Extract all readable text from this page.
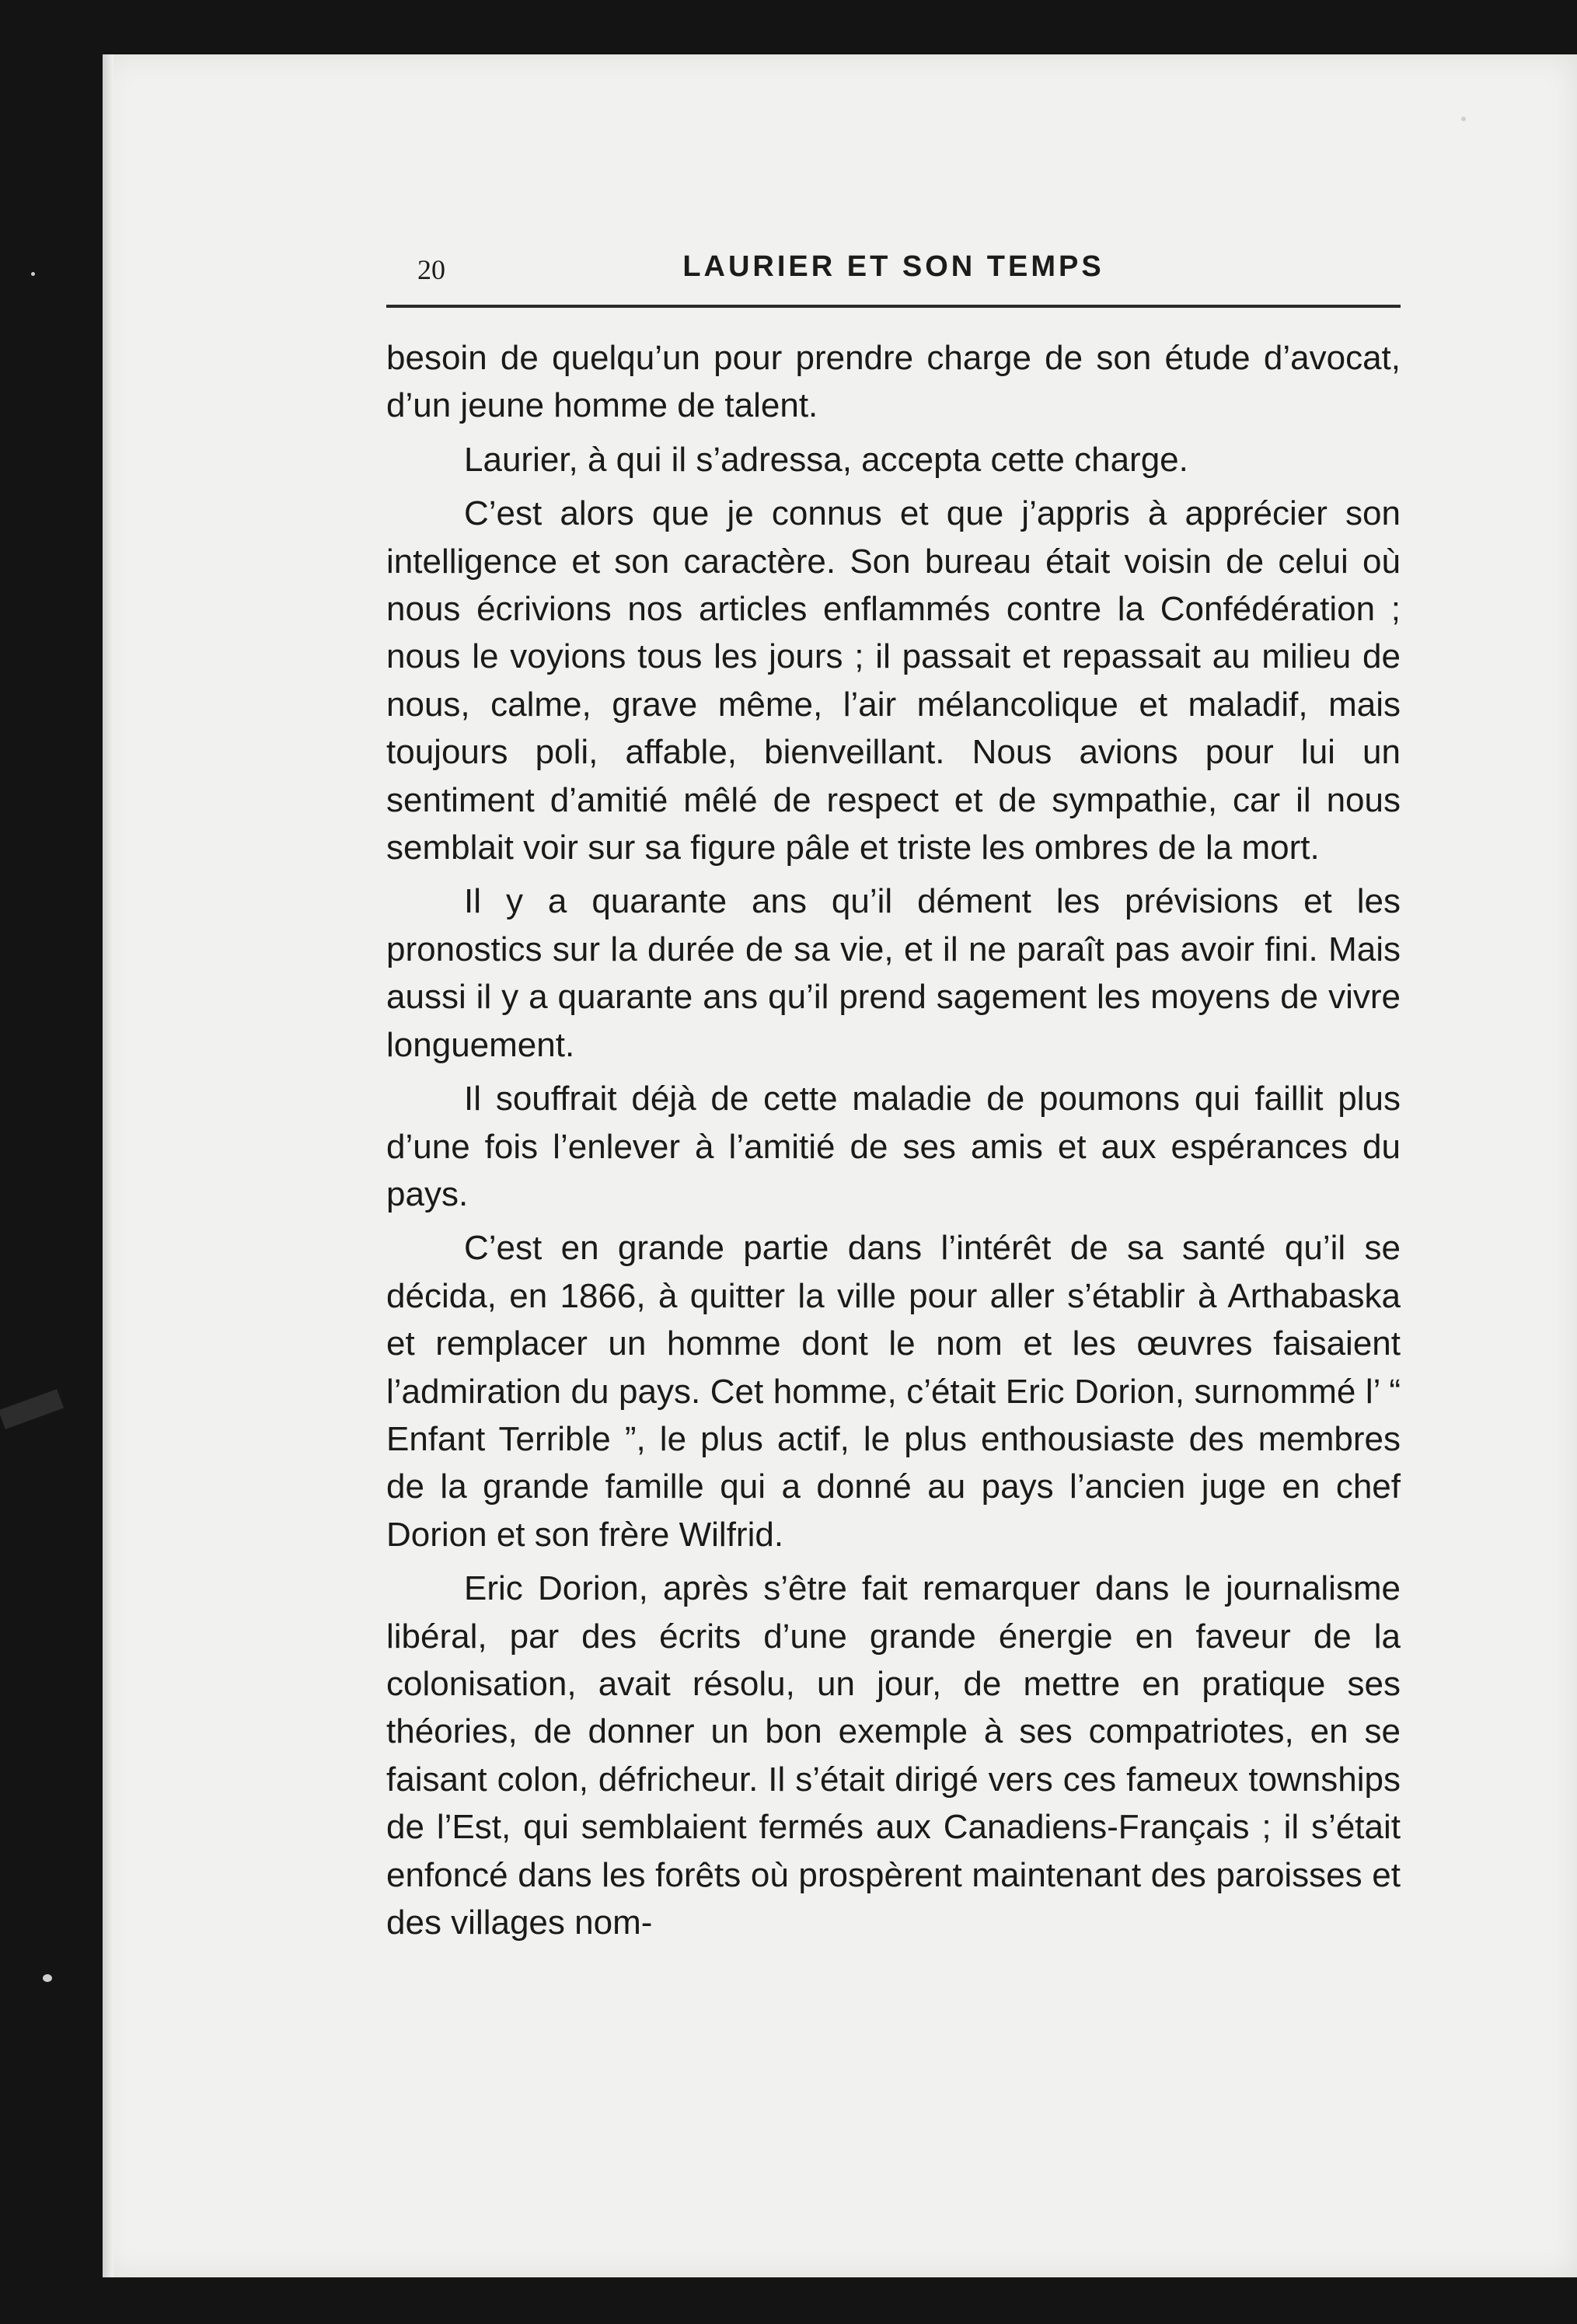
20	LAURIER ET SON TEMPS

besoin de quelqu’un pour prendre charge de son étude d’avocat, d’un jeune homme de talent.

Laurier, à qui il s’adressa, accepta cette charge.

C’est alors que je connus et que j’appris à apprécier son intelligence et son caractère. Son bureau était voisin de celui où nous écrivions nos articles enflammés contre la Confédération ; nous le voyions tous les jours ; il passait et repassait au milieu de nous, calme, grave même, l’air mélancolique et maladif, mais toujours poli, affable, bienveillant. Nous avions pour lui un sentiment d’amitié mêlé de respect et de sympathie, car il nous semblait voir sur sa figure pâle et triste les ombres de la mort.

Il y a quarante ans qu’il dément les prévisions et les pronostics sur la durée de sa vie, et il ne paraît pas avoir fini. Mais aussi il y a quarante ans qu’il prend sagement les moyens de vivre longuement.

Il souffrait déjà de cette maladie de poumons qui faillit plus d’une fois l’enlever à l’amitié de ses amis et aux espérances du pays.

C’est en grande partie dans l’intérêt de sa santé qu’il se décida, en 1866, à quitter la ville pour aller s’établir à Arthabaska et remplacer un homme dont le nom et les œuvres faisaient l’admiration du pays. Cet homme, c’était Eric Dorion, surnommé l’ “ Enfant Terrible ”, le plus actif, le plus enthousiaste des membres de la grande famille qui a donné au pays l’ancien juge en chef Dorion et son frère Wilfrid.

Eric Dorion, après s’être fait remarquer dans le journalisme libéral, par des écrits d’une grande énergie en faveur de la colonisation, avait résolu, un jour, de mettre en pratique ses théories, de donner un bon exemple à ses compatriotes, en se faisant colon, défricheur. Il s’était dirigé vers ces fameux townships de l’Est, qui semblaient fermés aux Canadiens-Français ; il s’était enfoncé dans les forêts où prospèrent maintenant des paroisses et des villages nom-
